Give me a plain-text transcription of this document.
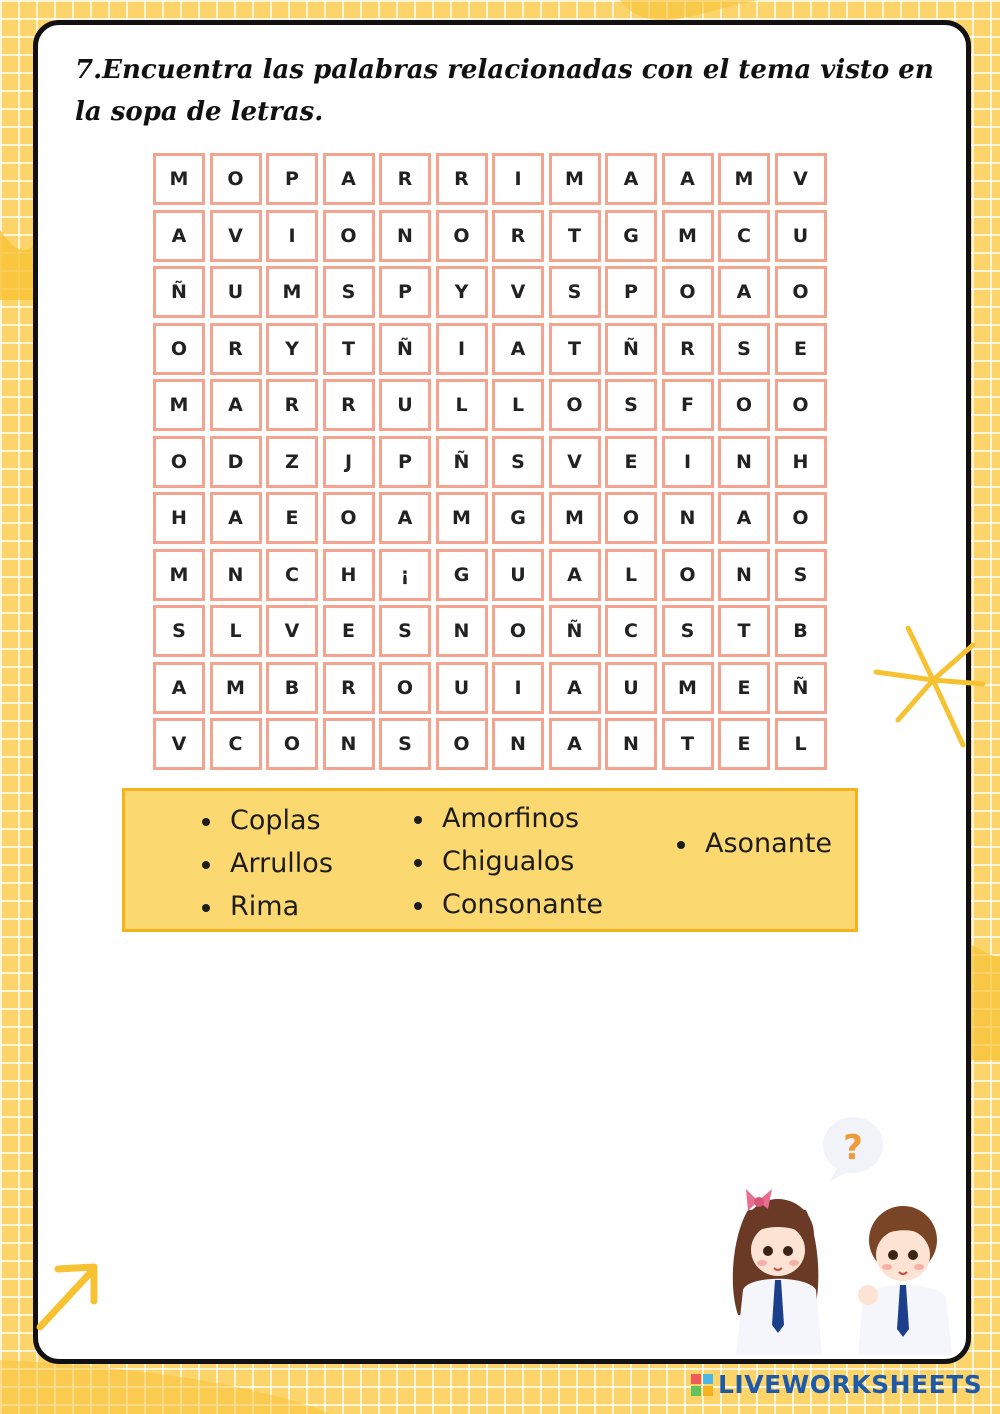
7.Encuentra las palabras relacionadas con el tema visto en la sopa de letras.

M	O	P	A	R	R	I	M	A	A	M	V
A	V	I	O	N	O	R	T	G	M	C	U
Ñ	U	M	S	P	Y	V	S	P	O	A	O
O	R	Y	T	Ñ	I	A	T	Ñ	R	S	E
M	A	R	R	U	L	L	O	S	F	O	O
O	D	Z	J	P	Ñ	S	V	E	I	N	H
H	A	E	O	A	M	G	M	O	N	A	O
M	N	C	H	¡	G	U	A	L	O	N	S
S	L	V	E	S	N	O	Ñ	C	S	T	B
A	M	B	R	O	U	I	A	U	M	E	Ñ
V	C	O	N	S	O	N	A	N	T	E	L
Coplas
Arrullos
Rima
Amorfinos
Chigualos
Consonante
Asonante
?
LIVEWORKSHEETS
